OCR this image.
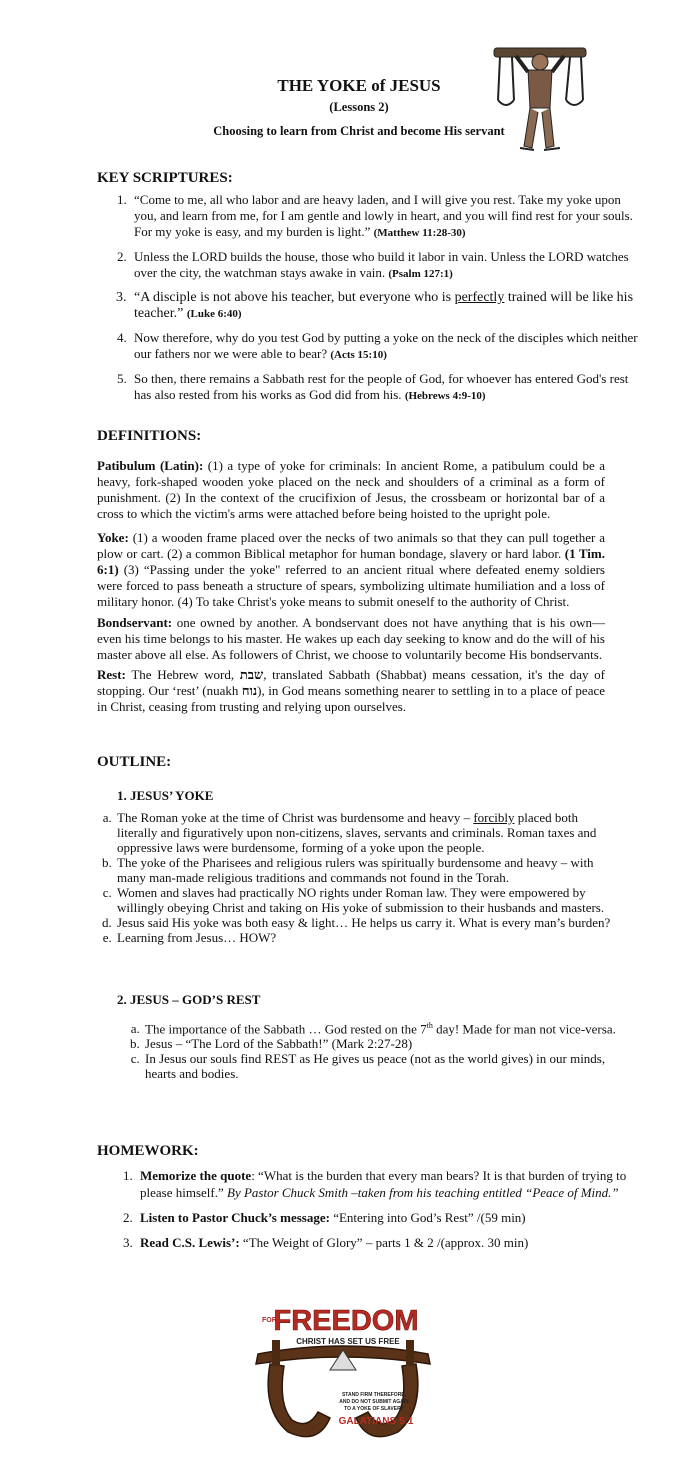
THE YOKE of JESUS
(Lessons 2)
Choosing to learn from Christ and become His servant
KEY SCRIPTURES:
1. “Come to me, all who labor and are heavy laden, and I will give you rest. Take my yoke upon you, and learn from me, for I am gentle and lowly in heart, and you will find rest for your souls. For my yoke is easy, and my burden is light.” (Matthew 11:28-30)
2. Unless the LORD builds the house, those who build it labor in vain. Unless the LORD watches over the city, the watchman stays awake in vain. (Psalm 127:1)
3. “A disciple is not above his teacher, but everyone who is perfectly trained will be like his teacher.” (Luke 6:40)
4. Now therefore, why do you test God by putting a yoke on the neck of the disciples which neither our fathers nor we were able to bear? (Acts 15:10)
5. So then, there remains a Sabbath rest for the people of God, for whoever has entered God's rest has also rested from his works as God did from his. (Hebrews 4:9-10)
DEFINITIONS:

Patibulum (Latin): (1) a type of yoke for criminals: In ancient Rome, a patibulum could be a heavy, fork-shaped wooden yoke placed on the neck and shoulders of a criminal as a form of punishment. (2) In the context of the crucifixion of Jesus, the crossbeam or horizontal bar of a cross to which the victim's arms were attached before being hoisted to the upright pole.

Yoke: (1) a wooden frame placed over the necks of two animals so that they can pull together a plow or cart. (2) a common Biblical metaphor for human bondage, slavery or hard labor. (1 Tim. 6:1) (3) “Passing under the yoke" referred to an ancient ritual where defeated enemy soldiers were forced to pass beneath a structure of spears, symbolizing ultimate humiliation and a loss of military honor. (4) To take Christ's yoke means to submit oneself to the authority of Christ.

Bondservant: one owned by another. A bondservant does not have anything that is his own—even his time belongs to his master. He wakes up each day seeking to know and do the will of his master above all else. As followers of Christ, we choose to voluntarily become His bondservants.

Rest: The Hebrew word, שבת, translated Sabbath (Shabbat) means cessation, it's the day of stopping. Our ‘rest’ (nuakh נוח), in God means something nearer to settling in to a place of peace in Christ, ceasing from trusting and relying upon ourselves.

OUTLINE:
1. JESUS’ YOKE
a. The Roman yoke at the time of Christ was burdensome and heavy – forcibly placed both literally and figuratively upon non-citizens, slaves, servants and criminals. Roman taxes and oppressive laws were burdensome, forming of a yoke upon the people.
b. The yoke of the Pharisees and religious rulers was spiritually burdensome and heavy – with many man-made religious traditions and commands not found in the Torah.
c. Women and slaves had practically NO rights under Roman law. They were empowered by willingly obeying Christ and taking on His yoke of submission to their husbands and masters.
d. Jesus said His yoke was both easy & light… He helps us carry it. What is every man’s burden?
e. Learning from Jesus… HOW?
2. JESUS – GOD’S REST
a. The importance of the Sabbath … God rested on the 7th day! Made for man not vice-versa.
b. Jesus – “The Lord of the Sabbath!” (Mark 2:27-28)
c. In Jesus our souls find REST as He gives us peace (not as the world gives) in our minds, hearts and bodies.
HOMEWORK:
1. Memorize the quote: “What is the burden that every man bears? It is that burden of trying to please himself.” By Pastor Chuck Smith –taken from his teaching entitled “Peace of Mind.”
2. Listen to Pastor Chuck’s message: “Entering into God’s Rest” /(59 min)
3. Read C.S. Lewis’: “The Weight of Glory” – parts 1 & 2 /(approx. 30 min)
FOR
FREEDOM
CHRIST HAS SET US FREE
STAND FIRM THEREFORE,
AND DO NOT SUBMIT AGAIN
TO A YOKE OF SLAVERY
GALATIANS 5:1
